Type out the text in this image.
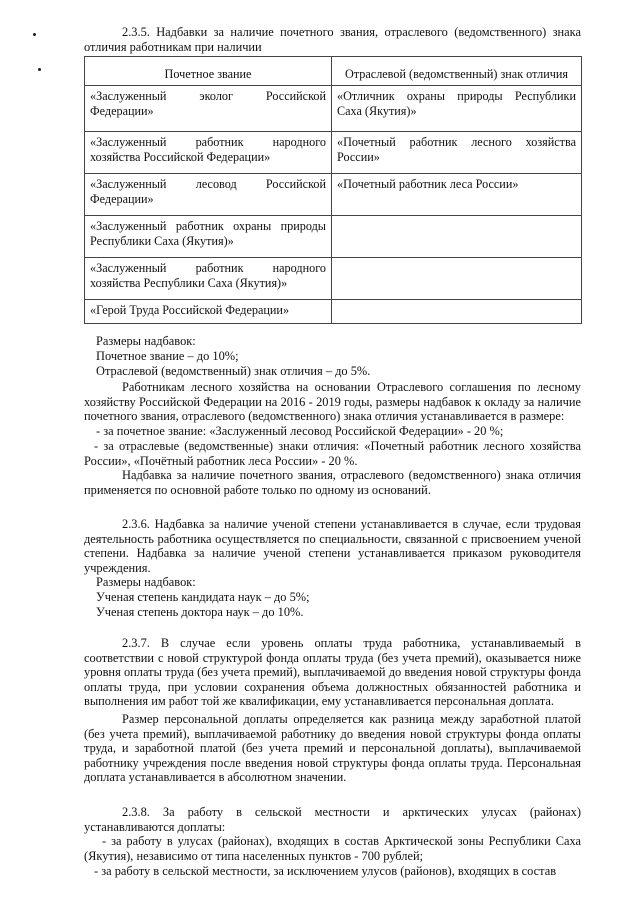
2.3.5. Надбавки за наличие почетного звания, отраслевого (ведомственного) знака отличия работникам при наличии
Почетное звание	Отраслевой (ведомственный) знак отличия
«Заслуженный эколог Российской Федерации»	«Отличник охраны природы Республики Саха (Якутия)»
«Заслуженный работник народного хозяйства Российской Федерации»	«Почетный работник лесного хозяйства России»
«Заслуженный лесовод Российской Федерации»	«Почетный работник леса России»
«Заслуженный работник охраны природы Республики Саха (Якутия)»	
«Заслуженный работник народного хозяйства Республики Саха (Якутия)»	
«Герой Труда Российской Федерации»	
Размеры надбавок:
Почетное звание – до 10%;
Отраслевой (ведомственный) знак отличия – до 5%.
Работникам лесного хозяйства на основании Отраслевого соглашения по лесному хозяйству Российской Федерации на 2016 - 2019 годы, размеры надбавок к окладу за наличие почетного звания, отраслевого (ведомственного) знака отличия устанавливается в размере:
- за почетное звание: «Заслуженный лесовод Российской Федерации» - 20 %;
- за отраслевые (ведомственные) знаки отличия: «Почетный работник лесного хозяйства России», «Почётный работник леса России» - 20 %.
Надбавка за наличие почетного звания, отраслевого (ведомственного) знака отличия применяется по основной работе только по одному из оснований.
2.3.6. Надбавка за наличие ученой степени устанавливается в случае, если трудовая деятельность работника осуществляется по специальности, связанной с присвоением ученой степени. Надбавка за наличие ученой степени устанавливается приказом руководителя учреждения.
Размеры надбавок:
Ученая степень кандидата наук – до 5%;
Ученая степень доктора наук – до 10%.
2.3.7. В случае если уровень оплаты труда работника, устанавливаемый в соответствии с новой структурой фонда оплаты труда (без учета премий), оказывается ниже уровня оплаты труда (без учета премий), выплачиваемой до введения новой структуры фонда оплаты труда, при условии сохранения объема должностных обязанностей работника и выполнения им работ той же квалификации, ему устанавливается персональная доплата.
Размер персональной доплаты определяется как разница между заработной платой (без учета премий), выплачиваемой работнику до введения новой структуры фонда оплаты труда, и заработной платой (без учета премий и персональной доплаты), выплачиваемой работнику учреждения после введения новой структуры фонда оплаты труда. Персональная доплата устанавливается в абсолютном значении.
2.3.8. За работу в сельской местности и арктических улусах (районах) устанавливаются доплаты:
- за работу в улусах (районах), входящих в состав Арктической зоны Республики Саха (Якутия), независимо от типа населенных пунктов - 700 рублей;
- за работу в сельской местности, за исключением улусов (районов), входящих в состав
